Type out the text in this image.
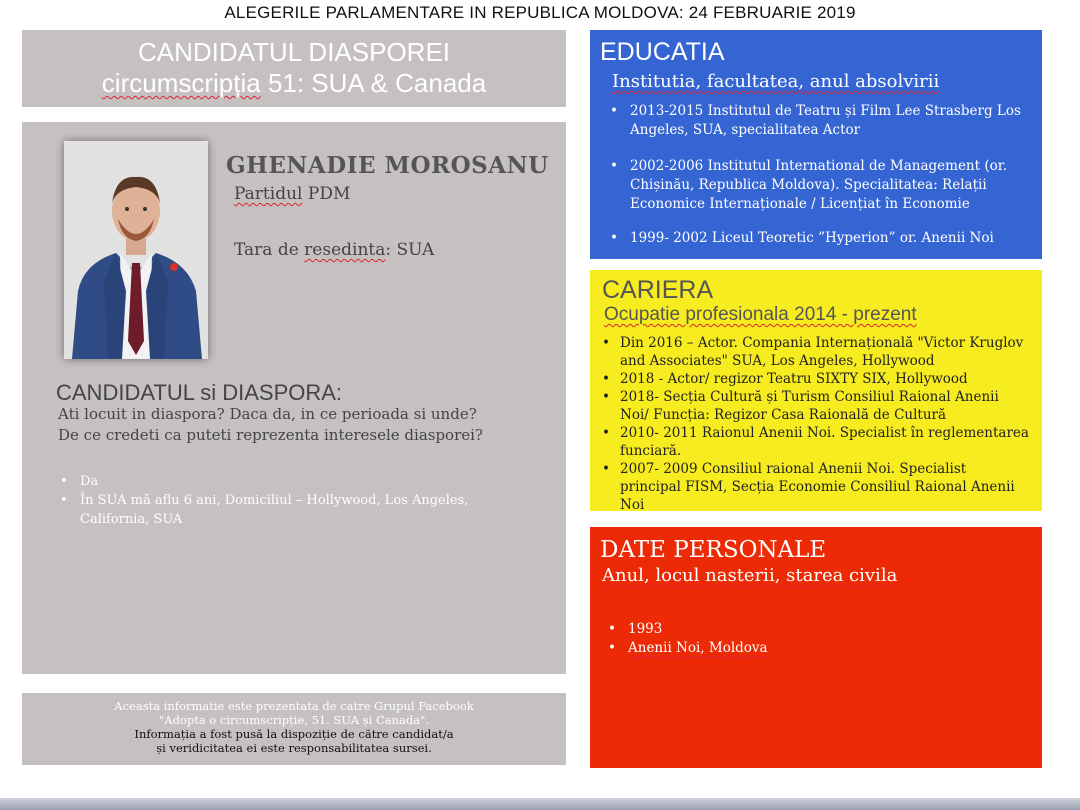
ALEGERILE PARLAMENTARE IN REPUBLICA MOLDOVA: 24 FEBRUARIE 2019
CANDIDATUL DIASPOREI
circumscripția 51: SUA & Canada
GHENADIE MOROSANU
Partidul PDM
Tara de resedinta: SUA
CANDIDATUL si DIASPORA:
Ati locuit in diaspora? Daca da, in ce perioada si unde?
De ce credeti ca puteti reprezenta interesele diasporei?
• Da
• În SUA mă aflu 6 ani, Domiciliul – Hollywood, Los Angeles, California, SUA
Aceasta informatie este prezentata de catre Grupul Facebook
"Adopta o circumscripție, 51. SUA și Canada".
Informația a fost pusă la dispoziție de către candidat/a
și veridicitatea ei este responsabilitatea sursei.
EDUCATIA
Institutia, facultatea, anul absolvirii
• 2013-2015 Institutul de Teatru și Film Lee Strasberg Los Angeles, SUA, specialitatea Actor
• 2002-2006 Institutul International de Management (or. Chișinău, Republica Moldova). Specialitatea: Relații Economice Internaționale / Licențiat în Economie
• 1999- 2002 Liceul Teoretic ”Hyperion” or. Anenii Noi
CARIERA
Ocupatie profesionala 2014 - prezent
• Din 2016 – Actor. Compania Internațională "Victor Kruglov and Associates" SUA, Los Angeles, Hollywood
• 2018 - Actor/ regizor Teatru SIXTY SIX, Hollywood
• 2018- Secția Cultură și Turism Consiliul Raional Anenii Noi/ Funcția: Regizor Casa Raională de Cultură
• 2010- 2011 Raionul Anenii Noi. Specialist în reglementarea funciară.
• 2007- 2009 Consiliul raional Anenii Noi. Specialist principal FISM, Secția Economie Consiliul Raional Anenii Noi
DATE PERSONALE
Anul, locul nasterii, starea civila
• 1993
• Anenii Noi, Moldova
